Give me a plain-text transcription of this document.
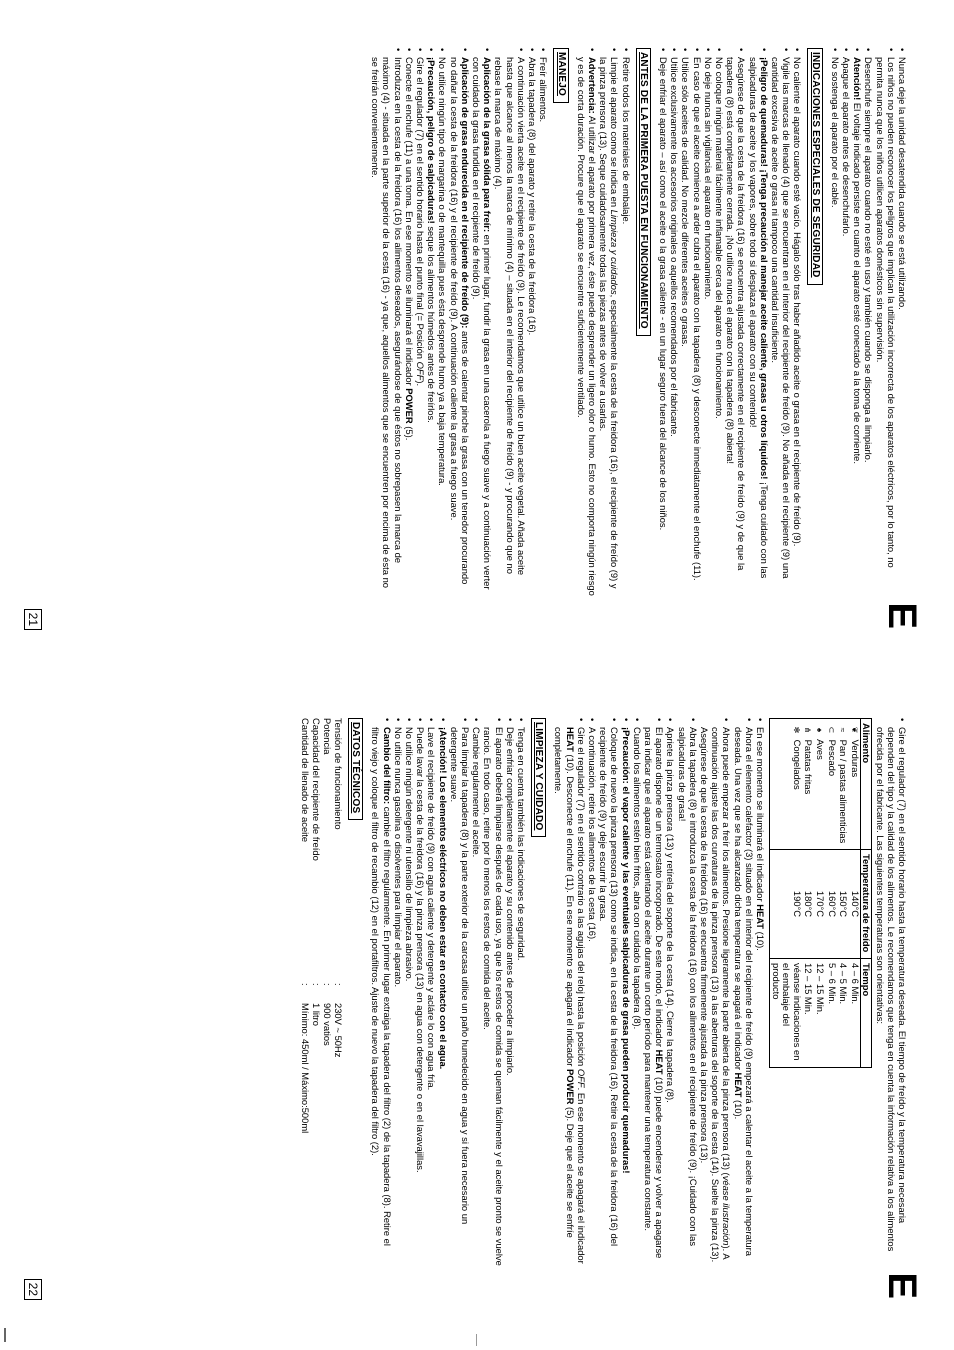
E
• Nunca deje la unidad desatendida cuando se está utilizando.
• Los niños no pueden reconocer los peligros que implican la utilización incorrecta de los aparatos eléctricos, por lo tanto, no permita nunca que los niños utilicen aparatos domésticos sin supervisión.
• Desenchufe siempre el aparato cuando no esté en uso y también cuando se disponga a limpiarlo.
• Atención! El voltaje indicado persiste en cuanto el aparato esté conectado a la toma de corriente.
• Apague el aparato antes de desenchufarlo.
• No sostenga el aparato por el cable.
INDICACIONES ESPECIALES DE SEGURIDAD
• No caliente el aparato cuando esté vacío. Hágalo sólo tras haber añadido aceite o grasa en el recipiente de freído (9).
• Vigile las marcas de llenado (4) que se encuentran en el interior del recipiente de freído (9). No añada en el recipiente (9) una cantidad excesiva de aceite o grasa ni tampoco una cantidad insuficiente.
• ¡Peligro de quemaduras! ¡Tenga precaución al manejar aceite caliente, grasas u otros líquidos! ¡Tenga cuidado con las salpicaduras de aceite y los vapores, sobre todo si desplaza el aparato con su contenido!
• Asegúrese de que la cesta de la freidora (16) se encuentra ajustada correctamente en el recipiente de freído (9) y de que la tapadera (8) está completamente cerrada. ¡No utilice nunca el aparato con la tapadera (8) abierta!
• No coloque ningún material fácilmente inflamable cerca del aparato en funcionamiento.
• No deje nunca sin vigilancia el aparato en funcionamiento.
• En caso de que el aceite comience a arder cubra el aparato con la tapadera (8) y desconecte inmediatamente el enchufe (11).
• Utilice sólo aceites de calidad. No mezcle diferentes aceites o grasas.
• Utilice exclusivamente los accesorios originales o aquellos recomendados por el fabricante.
• Deje enfriar el aparato – así como el aceite o la grasa caliente - en un lugar seguro fuera del alcance de los niños.
ANTES DE LA PRIMERA PUESTA EN FUNCIONAMIENTO
• Retire todos los materiales de embalaje.
• Limpie el aparato como se indica en Limpieza y cuidados, especialmente la cesta de la freidora (16), el recipiente de freído (9) y la pinza prensora (13). Seque cuidadosamente todas las piezas antes de volver a usarlas.
• Advertencia: Al utilizar el aparato por primera vez, éste puede desprender un ligero olor o humo. Esto no comporta ningún riesgo y es de corta duración. Procure que el aparato se encuentre suficientemente ventilado.
MANEJO
• Freír alimentos.
• Abra la tapadera (8) del aparato y retire la cesta de la freidora (16).
• A continuación vierta aceite en el recipiente de freído (9). Le recomendamos que utilice un buen aceite vegetal. Añada aceite hasta que alcance al menos la marca de mínimo (4) – situada en el interior del recipiente de freído (9) - y procurando que no rebase la marca de máximo (4).
• Aplicación de la grasa sólida para freír: en primer lugar, fundir la grasa en una cacerola a fuego suave y a continuación verter con cuidado la grasa fundida en el recipiente de freído (9).
• Aplicación de grasa endurecida en el recipiente de freído (9): antes de calentar pinche la grasa con un tenedor procurando no dañar la cesta de la freidora (16) y el recipiente de freído (9). A continuación caliente la grasa a fuego suave.
• No utilice ningún tipo de margarina o de mantequilla pues ésta desprende humo ya a baja temperatura.
• ¡Precaución, peligro de salpicaduras! seque los alimentos húmedos antes de freírlos.
• Gire el regulador (7) en el sentido horario hasta el punto final (= Posición OFF).
• Conecte el enchufe (11) a una toma. En ese momento se iluminará el indicador POWER (5).
• Introduzca en la cesta de la freidora (16) los alimentos deseados, asegurándose de que éstos no sobrepasen la marca de máximo (4) - situada en la parte superior de la cesta (16) - ya que, aquellos alimentos que se encuentren por encima de ésta no se freirán convenientemente.
21
E
• Gire el regulador (7) en el sentido horario hasta la temperatura deseada. El tiempo de freído y la temperatura necesaria dependen del tipo y la calidad de los alimentos. Le recomendamos que tenga en cuenta la información relativa a los alimentos ofrecida por el fabricante. Las siguientes temperaturas son orientativas:
Alimento	Temperatura de freído	Tiempo
❦ Verduras	140°C	4 – 6 Min.
≈ Pan / pastas alimenticias	150°C	4 – 5 Min.
⊂ Pescado	160°C	5 – 6 Min.
♠ Aves	170°C	12 – 15 Min.
⋔ Patatas fritas	180°C	12 – 15 Min.
✻ Congelados	190°C	véanse indicaciones en el embalaje del producto
• En ese momento se iluminará el indicador HEAT (10).
• Ahora el elemento calefactor (3) situado en el interior del recipiente de freído (9) empezará a calentar el aceite a la temperatura deseada. Una vez que se ha alcanzado dicha temperatura se apagará el indicador HEAT (10).
• Ahora puede empezar a freír los alimentos. Presione ligeramente la parte abierta de la pinza prensora (13) (véase ilustración). A continuación ajuste las dos curvaturas de la pinza prensora (13) a las aberturas del soporte de la cesta (14). Suelte la pinza (13). Asegúrese de que la cesta de la freidora (16) se encuentra firmemente ajustada a la pinza prensora (13).
• Abra la tapadera (8) e introduzca la cesta de la freidora (16) con los alimentos en el recipiente de freído (9). ¡Cuidado con las salpicaduras de grasa!
• Apriete la pinza prensora (13) y retírela del soporte de la cesta (14). Cierre la tapadera (8).
• El aparato dispone de un termostato incorporado. De este modo, el indicador HEAT (10) puede encenderse y volver a apagarse para indicar que el aparato está calentando el aceite durante un corto período para mantener una temperatura constante.
• Cuando los alimentos estén bien fritos, abra con cuidado la tapadera (8).
• ¡Precaución: el vapor caliente y las eventuales salpicaduras de grasa pueden producir quemaduras!
• Coloque de nuevo la pinza prensora (13) como se indica, en la cesta de la freidora (16). Retire la cesta de la freidora (16) del recipiente de freído (9) y deje escurrir la grasa.
• A continuación, retire los alimentos de la cesta (16).
• Gire el regulador (7) en el sentido contrario a las agujas del reloj hasta la posición OFF. En ese momento se apagará el indicador HEAT (10). Desconecte el enchufe (11). En ese momento se apagará el indicador POWER (5). Deje que el aceite se enfríe completamente.
LIMPIEZA Y CUIDADO
• Tenga en cuenta también las indicaciones de seguridad.
• Deje enfriar completamente el aparato y su contenido antes de proceder a limpiarlo.
• El aparato deberá limpiarse después de cada uso, ya que los restos de comida se queman fácilmente y el aceite pronto se vuelve rancio. En todo caso, retire por lo menos los restos de comida del aceite.
• Cambie regularmente el aceite.
• Para limpiar la tapadera (8) y la parte exterior de la carcasa utilice un paño humedecido en agua y si fuera necesario un detergente suave.
• ¡Atención! Los elementos eléctricos no deben estar en contacto con el agua.
• Lave el recipiente de freído (9) con agua caliente y detergente y acláre lo con agua fría.
• Puede lavar la cesta de la freidora (16) y la pinza prensora (13) en agua con detergente o en el lavavajillas.
• No utilice ningún detergente ni utensilio de limpieza abrasivo.
• No utilice nunca gasolina o disolventes para limpiar el aparato.
• Cambio del filtro: cambie el filtro regularmente. En primer lugar extraiga la tapadera del filtro (2) de la tapadera (8). Retire el filtro viejo y coloque el filtro de recambio (12) en el portafiltros. Ajuste de nuevo la tapadera del filtro (2).
DATOS TÉCNICOS
Tensión de funcionamiento	:	230V ~ 50Hz
Potencia	:	900 vatios
Capacidad del recipiente de freído	:	1 litro
Cantidad de llenado de aceite	:	Mínimo: 450ml / Máximo:500ml
22
